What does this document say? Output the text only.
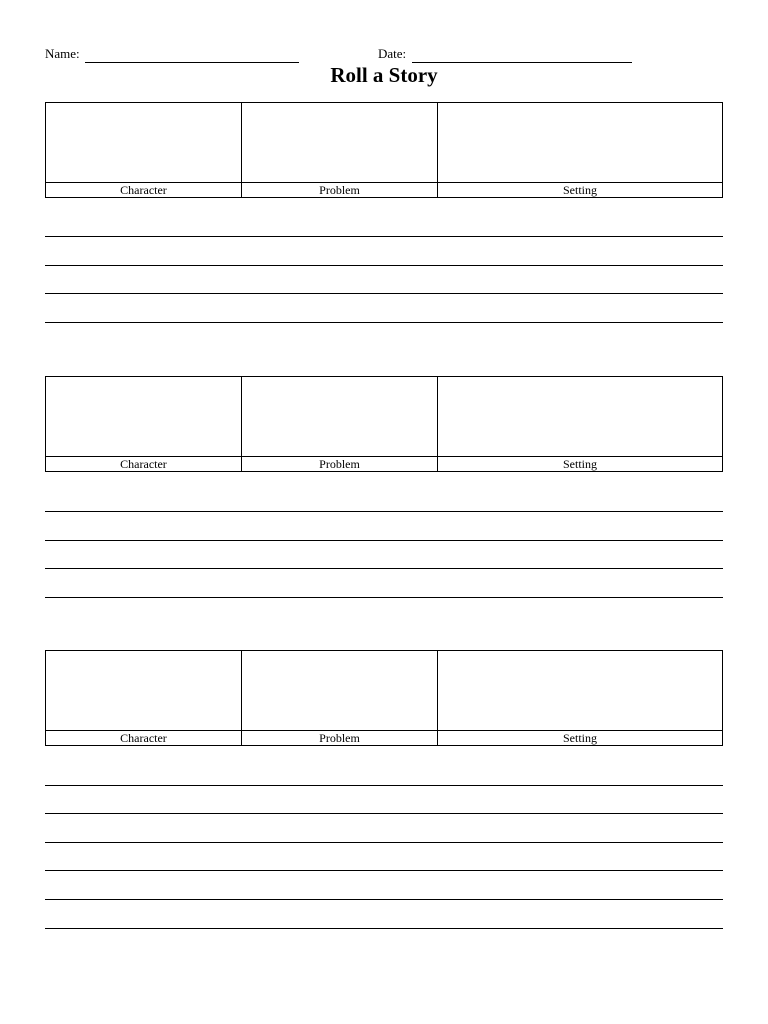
Name:	Date:
Roll a Story

Character	Problem	Setting

Character	Problem	Setting

Character	Problem	Setting
